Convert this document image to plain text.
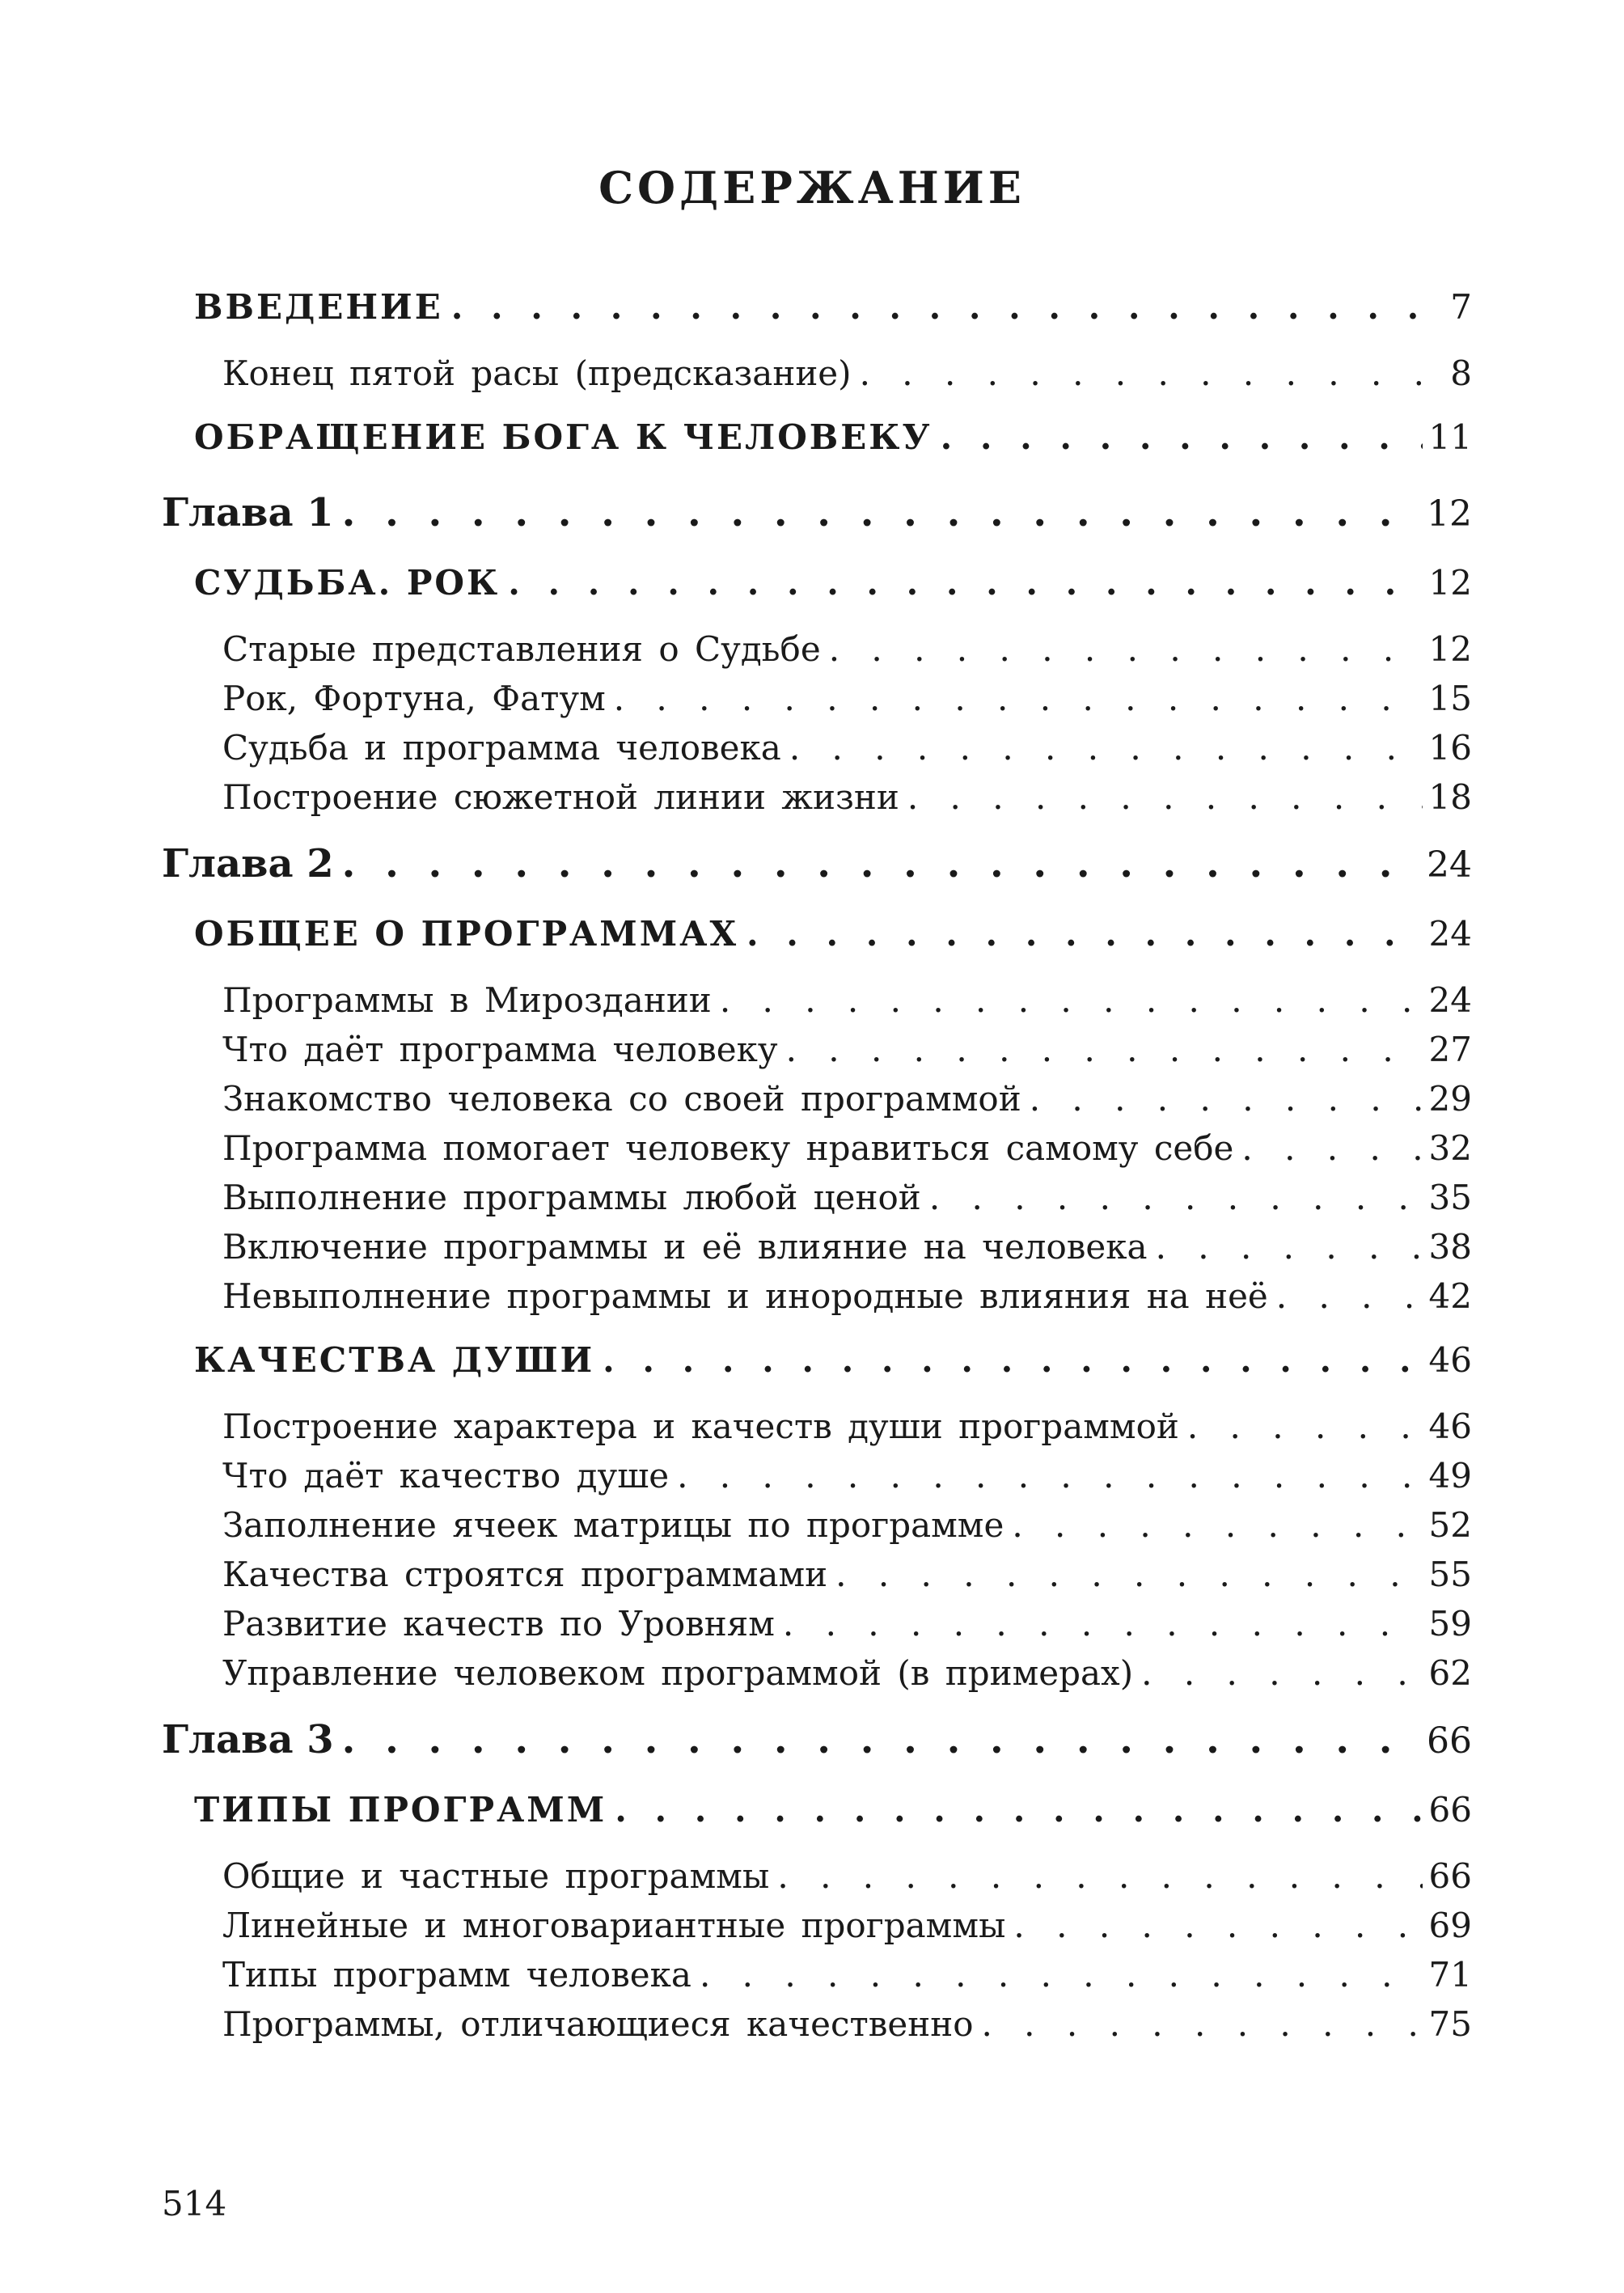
СОДЕРЖАНИЕ
ВВЕДЕНИЕ . . .	7
Конец пятой расы (предсказание) . . .	8
ОБРАЩЕНИЕ БОГА К ЧЕЛОВЕКУ . . .	11
Глава 1 . . .	12
СУДЬБА. РОК . . .	12
Старые представления о Судьбе . . .	12
Рок, Фортуна, Фатум . . .	15
Судьба и программа человека . . .	16
Построение сюжетной линии жизни . . .	18
Глава 2 . . .	24
ОБЩЕЕ О ПРОГРАММАХ . . .	24
Программы в Мироздании . . .	24
Что даёт программа человеку . . .	27
Знакомство человека со своей программой . . .	29
Программа помогает человеку нравиться самому себе . . .	32
Выполнение программы любой ценой . . .	35
Включение программы и её влияние на человека . . .	38
Невыполнение программы и инородные влияния на неё . . .	42
КАЧЕСТВА ДУШИ . . .	46
Построение характера и качеств души программой . . .	46
Что даёт качество душе . . .	49
Заполнение ячеек матрицы по программе . . .	52
Качества строятся программами . . .	55
Развитие качеств по Уровням . . .	59
Управление человеком программой (в примерах) . . .	62
Глава 3 . . .	66
ТИПЫ ПРОГРАММ . . .	66
Общие и частные программы . . .	66
Линейные и многовариантные программы . . .	69
Типы программ человека . . .	71
Программы, отличающиеся качественно . . .	75
514
